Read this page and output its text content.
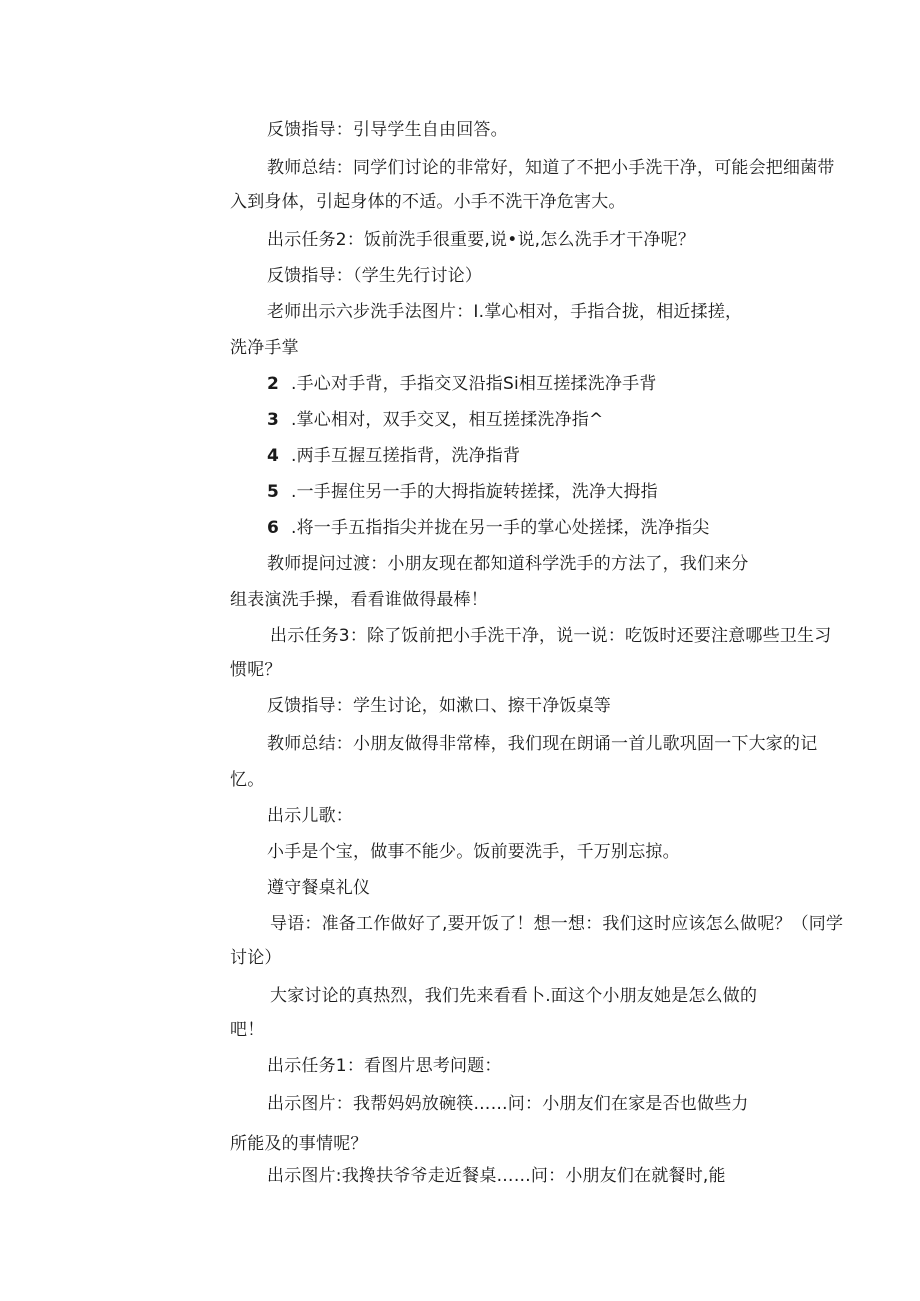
反馈指导：引导学生自由回答。
教师总结：同学们讨论的非常好，知道了不把小手洗干净，可能会把细菌带
入到身体，引起身体的不适。小手不洗干净危害大。
出示任务2：饭前洗手很重要,说•说,怎么洗手才干净呢？
反馈指导：（学生先行讨论）
老师出示六步洗手法图片：I.掌心相对，手指合拢，相近揉搓，
洗净手掌
2 .手心对手背，手指交叉沿指Si相互搓揉洗净手背
3 .掌心相对，双手交叉，相互搓揉洗净指^
4 .两手互握互搓指背，洗净指背
5 .一手握住另一手的大拇指旋转搓揉，洗净大拇指
6 .将一手五指指尖并拢在另一手的掌心处搓揉，洗净指尖
教师提问过渡：小朋友现在都知道科学洗手的方法了，我们来分
组表演洗手操，看看谁做得最棒！
出示任务3：除了饭前把小手洗干净，说一说：吃饭时还要注意哪些卫生习
惯呢？
反馈指导：学生讨论，如漱口、擦干净饭桌等
教师总结：小朋友做得非常棒，我们现在朗诵一首儿歌巩固一下大家的记
忆。
出示儿歌：
小手是个宝，做事不能少。饭前要洗手，千万别忘掠。
遵守餐桌礼仪
导语：准备工作做好了,要开饭了！想一想：我们这时应该怎么做呢？（同学
讨论）
大家讨论的真热烈，我们先来看看卜.面这个小朋友她是怎么做的
吧！
出示任务1：看图片思考问题：
出示图片：我帮妈妈放碗筷……问：小朋友们在家是否也做些力
所能及的事情呢？
出示图片:我搀扶爷爷走近餐桌……问：小朋友们在就餐时,能
